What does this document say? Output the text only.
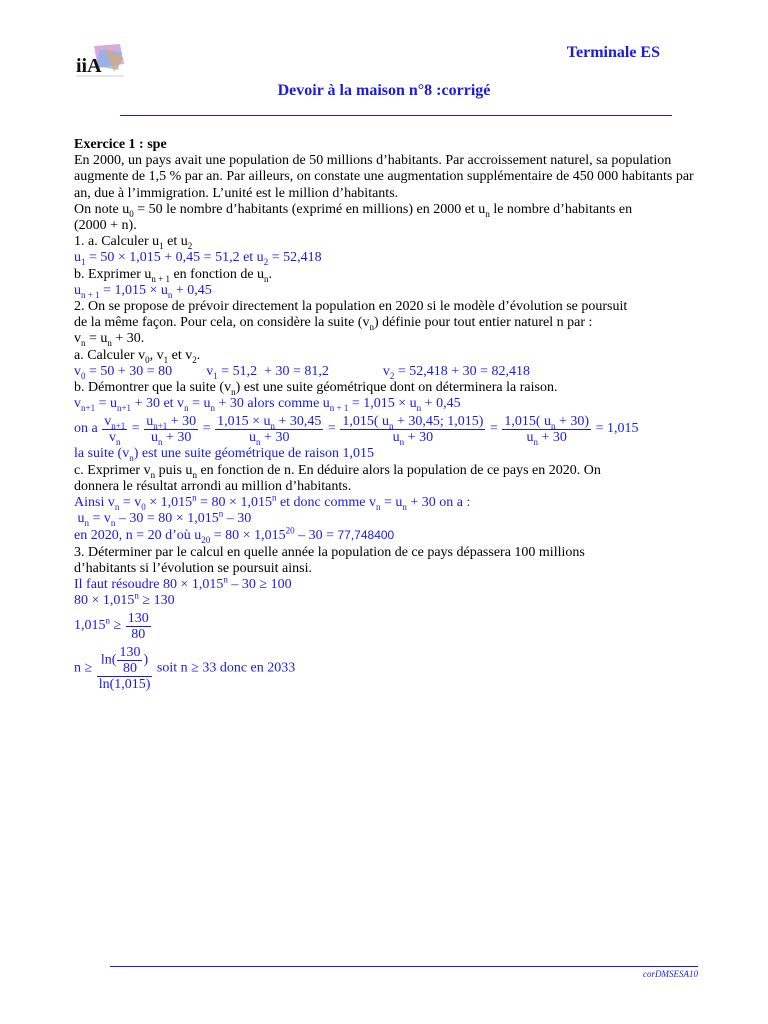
iiA
Terminale ES
Devoir à la maison n°8 :corrigé
Exercice 1 : spe
En 2000, un pays avait une population de 50 millions d’habitants. Par accroissement naturel, sa population augmente de 1,5 % par an. Par ailleurs, on constate une augmentation supplémentaire de 450 000 habitants par an, due à l’immigration. L’unité est le million d’habitants.
On note $u_0 = 50$ le nombre d’habitants (exprimé en millions) en 2000 et $u_n$ le nombre d’habitants en
(2000 + n).
1. a. Calculer $u_1$ et $u_2$
$u_1 = 50 \times 1,015 + 0,45 = 51,2$ et $u_2 = 52,418$
b. Exprimer $u_{n + 1}$ en fonction de $u_n$.
$u_{n + 1} = 1,015 \times u_n + 0,45$
2. On se propose de prévoir directement la population en 2020 si le modèle d’évolution se poursuit
de la même façon. Pour cela, on considère la suite $(v_n)$ définie pour tout entier naturel n par :
$v_n = u_n + 30$.
a. Calculer $v_0$, $v_1$ et $v_2$.
$v_0 = 50 + 30 = 80$ $v_1 = 51,2 + 30 = 81,2$	$v_2 = 52,418 + 30 = 82,418$
b. Démontrer que la suite $(v_n)$ est une suite géométrique dont on déterminera la raison.
$v_{n+1} = u_{n+1} + 30$ et $v_n = u_n + 30$ alors comme $u_{n + 1} = 1,015 \times u_n + 0,45$
on a $\frac{v_{n+1}}{v_n} = \frac{u_{n+1} + 30}{u_n + 30} = \frac{1,015 \times u_n + 30,45}{u_n + 30} = \frac{1,015( u_n + 30,45; 1,015)}{u_n + 30} = \frac{1,015( u_n + 30)}{u_n + 30} = 1,015$
la suite $(v_n)$ est une suite géométrique de raison 1,015
c. Exprimer $v_n$ puis $u_n$ en fonction de n. En déduire alors la population de ce pays en 2020. On
donnera le résultat arrondi au million d’habitants.
Ainsi $v_n = v_0 \times 1,015^n = 80 \times 1,015^n$ et donc comme $v_n = u_n + 30$ on a :
$u_n = v_n - 30 = 80 \times 1,015^n - 30$
en 2020, n = 20 d’où $u_{20} = 80 \times 1,015^{20} - 30 = 77,748400$
3. Déterminer par le calcul en quelle année la population de ce pays dépassera 100 millions
d’habitants si l’évolution se poursuit ainsi.
Il faut résoudre $80 \times 1,015^n - 30 \ge 100$
$80 \times 1,015^n \ge 130$
$1,015^n \ge \frac{130}{80}$
$n \ge \frac{\ln( \frac{130}{80} )}{\ln(1,015)}$ soit n ≥ 33 donc en 2033
corDMSESA10
